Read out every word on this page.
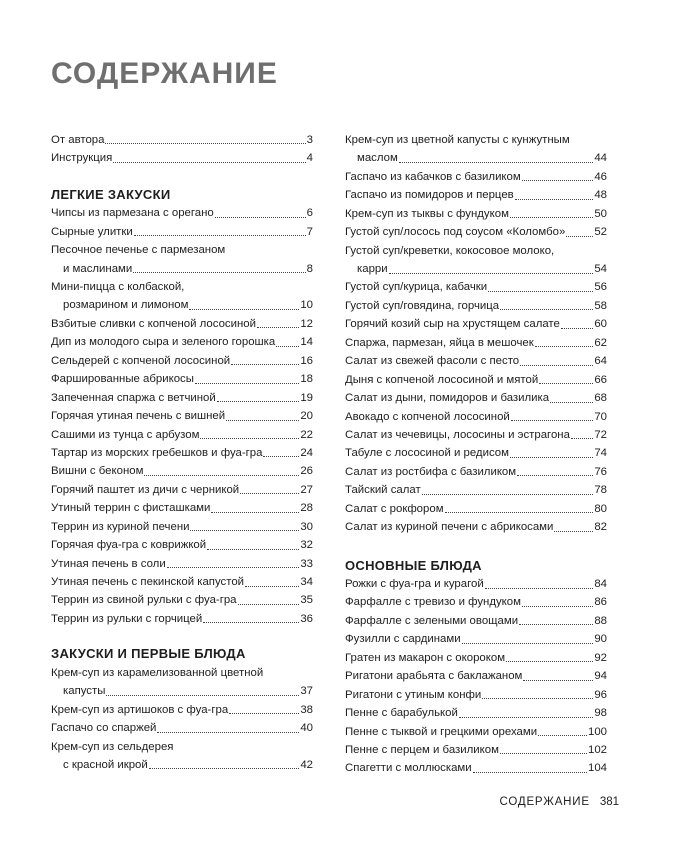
СОДЕРЖАНИЕ
От автора	3
Инструкция	4
ЛЕГКИЕ ЗАКУСКИ
Чипсы из пармезана с орегано	6
Сырные улитки	7
Песочное печенье с пармезаном
и маслинами	8
Мини-пицца с колбаской,
розмарином и лимоном	10
Взбитые сливки с копченой лососиной	12
Дип из молодого сыра и зеленого горошка 14
Сельдерей с копченой лососиной	16
Фаршированные абрикосы	18
Запеченная спаржа с ветчиной	19
Горячая утиная печень с вишней	20
Сашими из тунца с арбузом	22
Тартар из морских гребешков и фуа-гра	24
Вишни с беконом	26
Горячий паштет из дичи с черникой	27
Утиный террин с фисташками	28
Террин из куриной печени	30
Горячая фуа-гра с коврижкой	32
Утиная печень в соли	33
Утиная печень с пекинской капустой	34
Террин из свиной рульки с фуа-гра	35
Террин из рульки с горчицей	36
ЗАКУСКИ И ПЕРВЫЕ БЛЮДА
Крем-суп из карамелизованной цветной
капусты	37
Крем-суп из артишоков с фуа-гра	38
Гаспачо со спаржей	40
Крем-суп из сельдерея
с красной икрой	42
Крем-суп из цветной капусты с кунжутным
маслом	44
Гаспачо из кабачков с базиликом	46
Гаспачо из помидоров и перцев	48
Крем-суп из тыквы с фундуком	50
Густой суп/лосось под соусом «Коломбо»	52
Густой суп/креветки, кокосовое молоко,
карри	54
Густой суп/курица, кабачки	56
Густой суп/говядина, горчица	58
Горячий козий сыр на хрустящем салате	60
Спаржа, пармезан, яйца в мешочек	62
Салат из свежей фасоли с песто	64
Дыня с копченой лососиной и мятой	66
Салат из дыни, помидоров и базилика	68
Авокадо с копченой лососиной	70
Салат из чечевицы, лососины и эстрагона 72
Табуле с лососиной и редисом	74
Салат из ростбифа с базиликом	76
Тайский салат	78
Салат с рокфором	80
Салат из куриной печени с абрикосами	82
ОСНОВНЫЕ БЛЮДА
Рожки с фуа-гра и курагой	84
Фарфалле с тревизо и фундуком	86
Фарфалле с зелеными овощами	88
Фузилли с сардинами	90
Гратен из макарон с окороком	92
Ригатони арабьята с баклажаном	94
Ригатони с утиным конфи	96
Пенне с барабулькой	98
Пенне с тыквой и грецкими орехами	100
Пенне с перцем и базиликом	102
Спагетти с моллюсками	104
СОДЕРЖАНИЕ 381
